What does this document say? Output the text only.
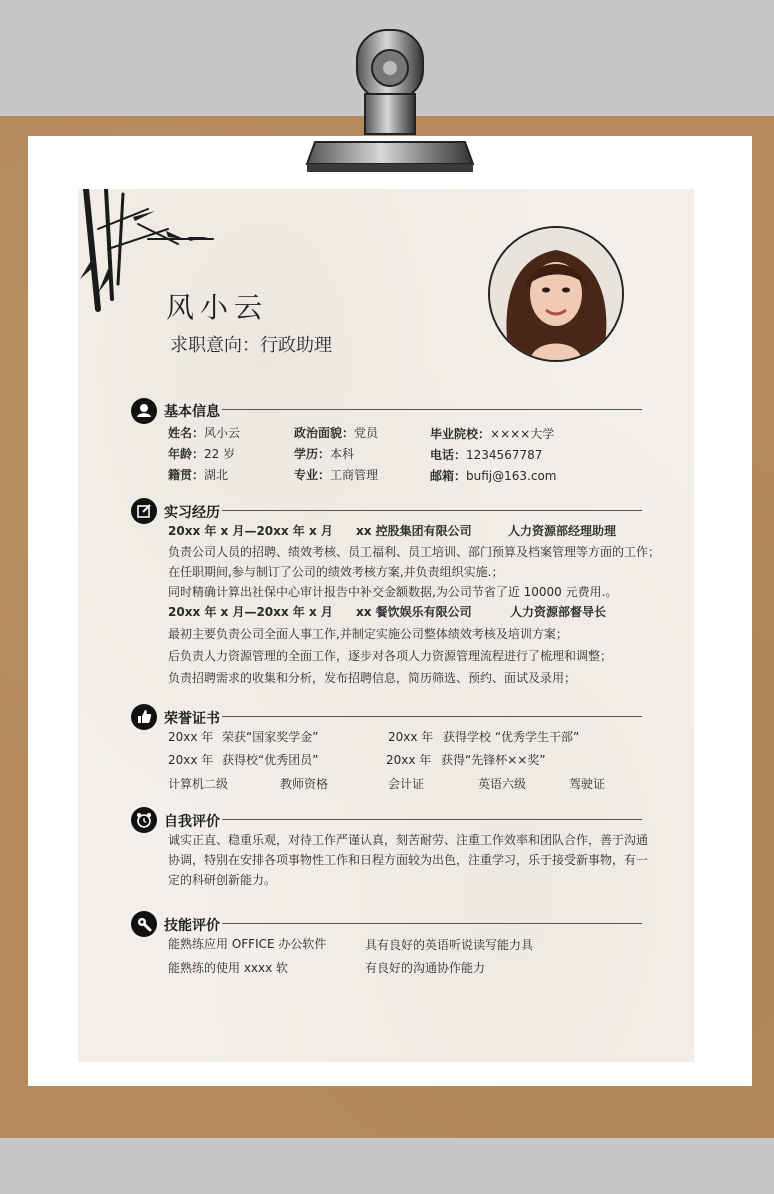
风小云
求职意向：行政助理
基本信息
姓名：风小云	政治面貌：党员	毕业院校：××××大学
年龄：22 岁	学历：本科	电话：1234567787
籍贯：湖北	专业：工商管理	邮箱：bufij@163.com
实习经历
20xx 年 x 月—20xx 年 x 月 xx 控股集团有限公司	人力资源部经理助理
负责公司人员的招聘、绩效考核、员工福利、员工培训、部门预算及档案管理等方面的工作；
在任职期间,参与制订了公司的绩效考核方案,并负责组织实施.；
同时精确计算出社保中心审计报告中补交金额数据,为公司节省了近 10000 元费用.。
20xx 年 x 月—20xx 年 x 月 xx 餐饮娱乐有限公司	人力资源部督导长
最初主要负责公司全面人事工作,并制定实施公司整体绩效考核及培训方案；
后负责人力资源管理的全面工作，逐步对各项人力资源管理流程进行了梳理和调整；
负责招聘需求的收集和分析，发布招聘信息，简历筛选、预约、面试及录用；
荣誉证书
20xx 年 荣获“国家奖学金”	20xx 年 获得学校 “优秀学生干部”
20xx 年 获得校“优秀团员”	20xx 年 获得“先锋杯××奖”
计算机二级	教师资格	会计证	英语六级	驾驶证
自我评价
诚实正直、稳重乐观，对待工作严谨认真，刻苦耐劳、注重工作效率和团队合作，善于沟通
协调，特别在安排各项事物性工作和日程方面较为出色，注重学习，乐于接受新事物，有一
定的科研创新能力。
技能评价
能熟练应用 OFFICE 办公软件	具有良好的英语听说读写能力具
能熟练的使用 xxxx 软	有良好的沟通协作能力
